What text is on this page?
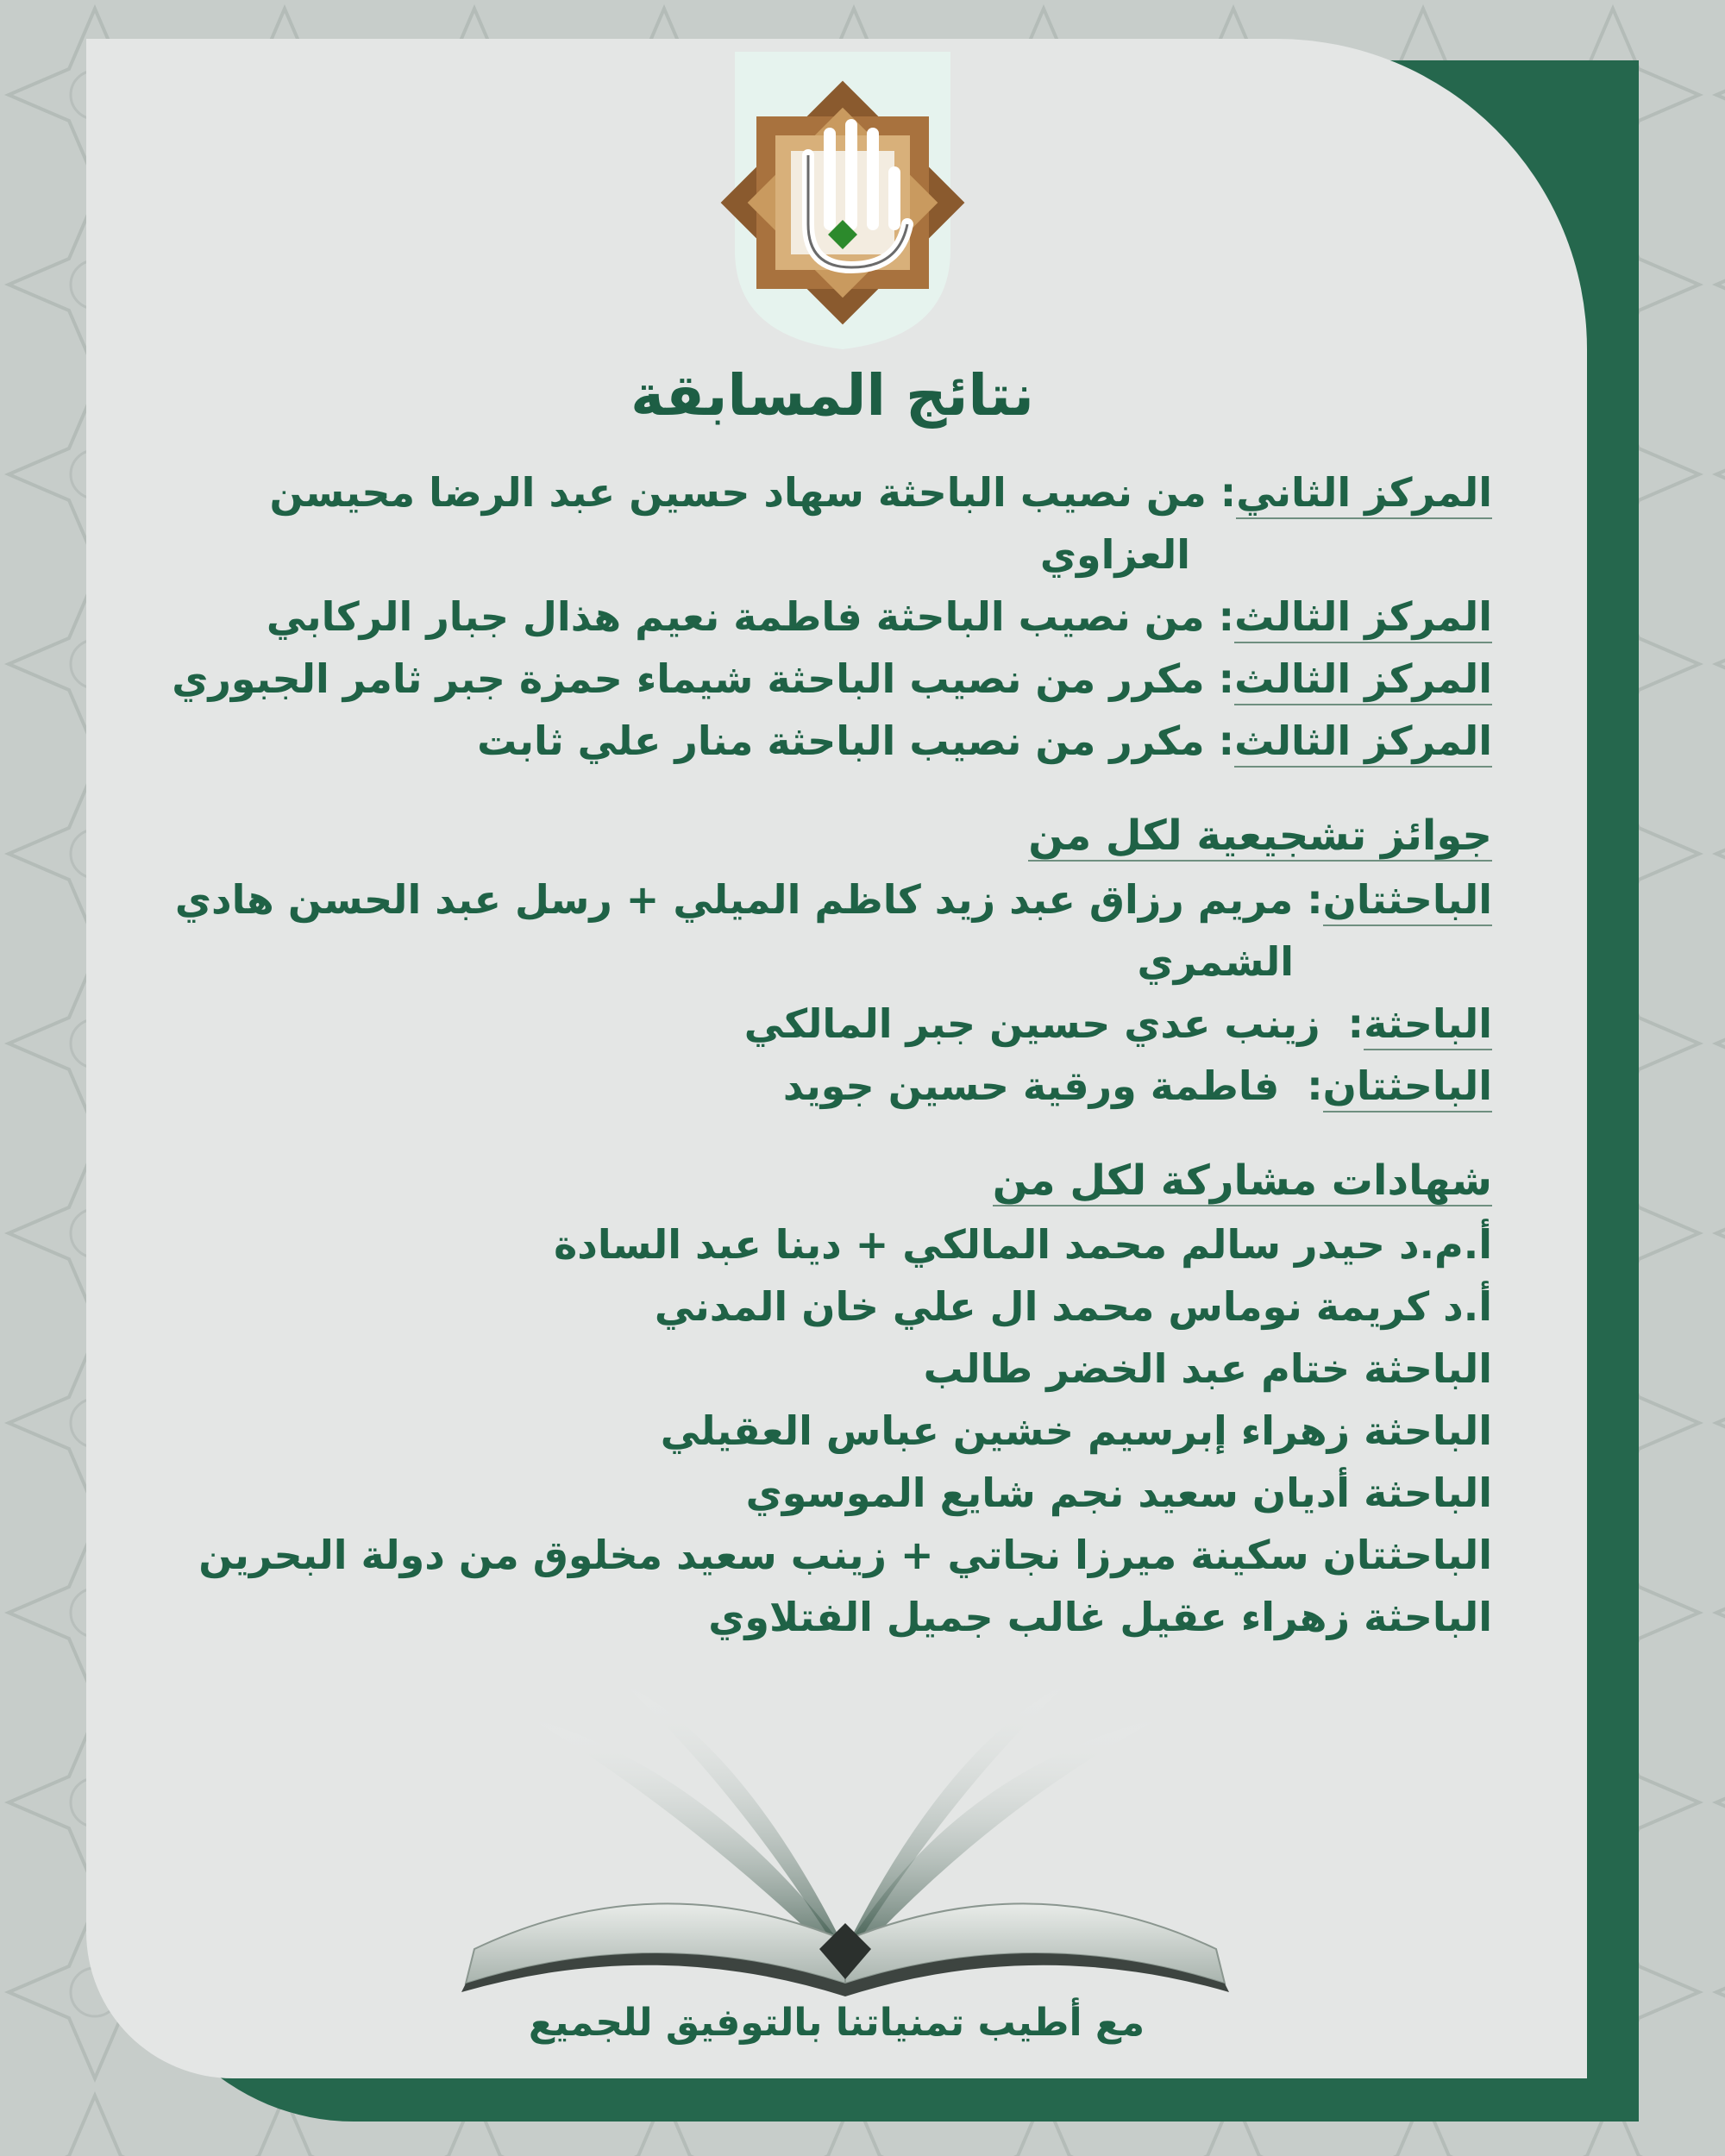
نتائج المسابقة
المركز الثاني: من نصيب الباحثة سهاد حسين عبد الرضا محيسن
العزاوي
المركز الثالث: من نصيب الباحثة فاطمة نعيم هذال جبار الركابي
المركز الثالث: مكرر من نصيب الباحثة شيماء حمزة جبر ثامر الجبوري
المركز الثالث: مكرر من نصيب الباحثة منار علي ثابت
جوائز تشجيعية لكل من
الباحثتان: مريم رزاق عبد زيد كاظم الميلي + رسل عبد الحسن هادي
الشمري
الباحثة:  زينب عدي حسين جبر المالكي
الباحثتان:  فاطمة ورقية حسين جويد
شهادات مشاركة لكل من
أ.م.د حيدر سالم محمد المالكي + دينا عبد السادة
أ.د كريمة نوماس محمد ال علي خان المدني
الباحثة ختام عبد الخضر طالب
الباحثة زهراء إبرسيم خشين عباس العقيلي
الباحثة أديان سعيد نجم شايع الموسوي
الباحثتان سكينة ميرزا نجاتي + زينب سعيد مخلوق من دولة البحرين
الباحثة زهراء عقيل غالب جميل الفتلاوي
مع أطيب تمنياتنا بالتوفيق للجميع
